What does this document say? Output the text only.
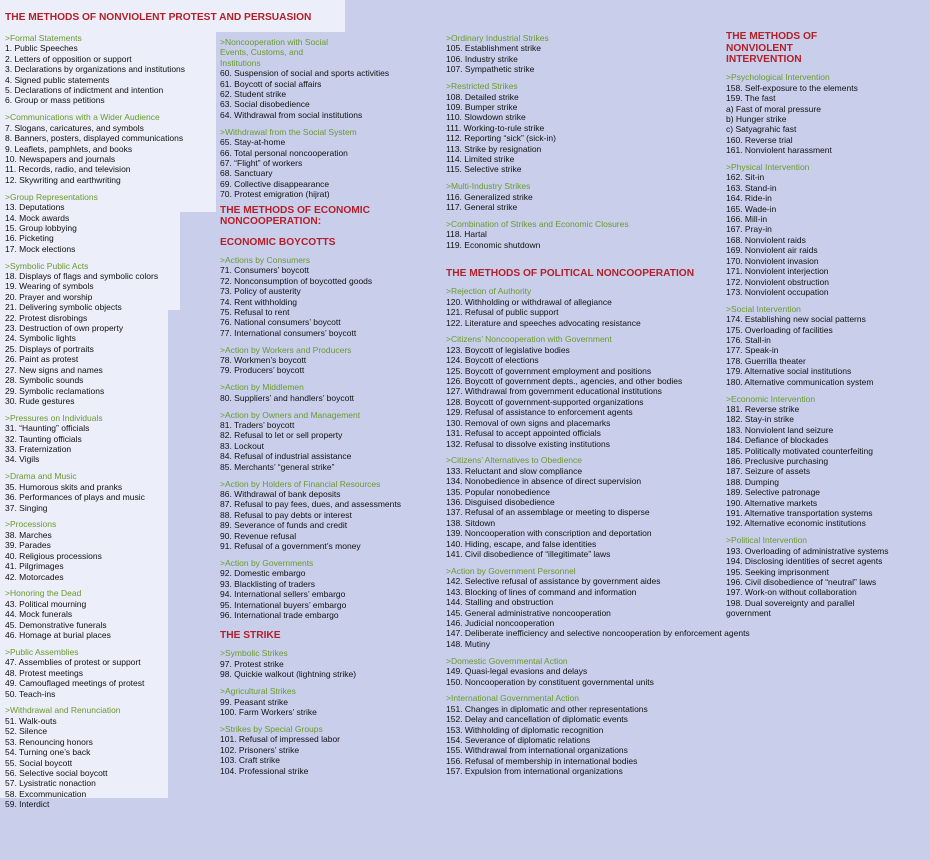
THE METHODS OF NONVIOLENT PROTEST AND PERSUASION
>Formal Statements
1. Public Speeches
2. Letters of opposition or support
3. Declarations by organizations and institutions
4. Signed public statements
5. Declarations of indictment and intention
6. Group or mass petitions
>Communications with a Wider Audience
7. Slogans, caricatures, and symbols
8. Banners, posters, displayed communications
9. Leaflets, pamphlets, and books
10. Newspapers and journals
11. Records, radio, and television
12. Skywriting and earthwriting
>Group Representations
13. Deputations
14. Mock awards
15. Group lobbying
16. Picketing
17. Mock elections
>Symbolic Public Acts
18. Displays of flags and symbolic colors
19. Wearing of symbols
20. Prayer and worship
21. Delivering symbolic objects
22. Protest disrobings
23. Destruction of own property
24. Symbolic lights
25. Displays of portraits
26. Paint as protest
27. New signs and names
28. Symbolic sounds
29. Symbolic reclamations
30. Rude gestures
>Pressures on Individuals
31. “Haunting” officials
32. Taunting officials
33. Fraternization
34. Vigils
>Drama and Music
35. Humorous skits and pranks
36. Performances of plays and music
37. Singing
>Processions
38. Marches
39. Parades
40. Religious processions
41. Pilgrimages
42. Motorcades
>Honoring the Dead
43. Political mourning
44. Mock funerals
45. Demonstrative funerals
46. Homage at burial places
>Public Assemblies
47. Assemblies of protest or support
48. Protest meetings
49. Camouflaged meetings of protest
50. Teach-ins
>Withdrawal and Renunciation
51. Walk-outs
52. Silence
53. Renouncing honors
54. Turning one’s back
55. Social boycott
56. Selective social boycott
57. Lysistratic nonaction
58. Excommunication
59. Interdict
>Noncooperation with Social Events, Customs, and Institutions
60. Suspension of social and sports activities
61. Boycott of social affairs
62. Student strike
63. Social disobedience
64. Withdrawal from social institutions
>Withdrawal from the Social System
65. Stay-at-home
66. Total personal noncooperation
67. “Flight” of workers
68. Sanctuary
69. Collective disappearance
70. Protest emigration (hijrat)
THE METHODS OF ECONOMIC NONCOOPERATION:
ECONOMIC BOYCOTTS
>Actions by Consumers
71. Consumers’ boycott
72. Nonconsumption of boycotted goods
73. Policy of austerity
74. Rent withholding
75. Refusal to rent
76. National consumers’ boycott
77. International consumers’ boycott
>Action by Workers and Producers
78. Workmen’s boycott
79. Producers’ boycott
>Action by Middlemen
80. Suppliers’ and handlers’ boycott
>Action by Owners and Management
81. Traders’ boycott
82. Refusal to let or sell property
83. Lockout
84. Refusal of industrial assistance
85. Merchants’ “general strike”
>Action by Holders of Financial Resources
86. Withdrawal of bank deposits
87. Refusal to pay fees, dues, and assessments
88. Refusal to pay debts or interest
89. Severance of funds and credit
90. Revenue refusal
91. Refusal of a government’s money
>Action by Governments
92. Domestic embargo
93. Blacklisting of traders
94. International sellers’ embargo
95. International buyers’ embargo
96. International trade embargo
THE STRIKE
>Symbolic Strikes
97. Protest strike
98. Quickie walkout (lightning strike)
>Agricultural Strikes
99. Peasant strike
100. Farm Workers’ strike
>Strikes by Special Groups
101. Refusal of impressed labor
102. Prisoners’ strike
103. Craft strike
104. Professional strike
>Ordinary Industrial Strikes
105. Establishment strike
106. Industry strike
107. Sympathetic strike
>Restricted Strikes
108. Detailed strike
109. Bumper strike
110. Slowdown strike
111. Working-to-rule strike
112. Reporting “sick” (sick-in)
113. Strike by resignation
114. Limited strike
115. Selective strike
>Multi-Industry Strikes
116. Generalized strike
117. General strike
>Combination of Strikes and Economic Closures
118. Hartal
119. Economic shutdown
THE METHODS OF POLITICAL NONCOOPERATION
>Rejection of Authority
120. Withholding or withdrawal of allegiance
121. Refusal of public support
122. Literature and speeches advocating resistance
>Citizens’ Noncooperation with Government
123. Boycott of legislative bodies
124. Boycott of elections
125. Boycott of government employment and positions
126. Boycott of government depts., agencies, and other bodies
127. Withdrawal from government educational institutions
128. Boycott of government-supported organizations
129. Refusal of assistance to enforcement agents
130. Removal of own signs and placemarks
131. Refusal to accept appointed officials
132. Refusal to dissolve existing institutions
>Citizens’ Alternatives to Obedience
133. Reluctant and slow compliance
134. Nonobedience in absence of direct supervision
135. Popular nonobedience
136. Disguised disobedience
137. Refusal of an assemblage or meeting to disperse
138. Sitdown
139. Noncooperation with conscription and deportation
140. Hiding, escape, and false identities
141. Civil disobedience of “illegitimate” laws
>Action by Government Personnel
142. Selective refusal of assistance by government aides
143. Blocking of lines of command and information
144. Stalling and obstruction
145. General administrative noncooperation
146. Judicial noncooperation
147. Deliberate inefficiency and selective noncooperation by enforcement agents
148. Mutiny
>Domestic Governmental Action
149. Quasi-legal evasions and delays
150. Noncooperation by constituent governmental units
>International Governmental Action
151. Changes in diplomatic and other representations
152. Delay and cancellation of diplomatic events
153. Withholding of diplomatic recognition
154. Severance of diplomatic relations
155. Withdrawal from international organizations
156. Refusal of membership in international bodies
157. Expulsion from international organizations
THE METHODS OF NONVIOLENT INTERVENTION
>Psychological Intervention
158. Self-exposure to the elements
159. The fast
a) Fast of moral pressure
b) Hunger strike
c) Satyagrahic fast
160. Reverse trial
161. Nonviolent harassment
>Physical Intervention
162. Sit-in
163. Stand-in
164. Ride-in
165. Wade-in
166. Mill-in
167. Pray-in
168. Nonviolent raids
169. Nonviolent air raids
170. Nonviolent invasion
171. Nonviolent interjection
172. Nonviolent obstruction
173. Nonviolent occupation
>Social Intervention
174. Establishing new social patterns
175. Overloading of facilities
176. Stall-in
177. Speak-in
178. Guerrilla theater
179. Alternative social institutions
180. Alternative communication system
>Economic Intervention
181. Reverse strike
182. Stay-in strike
183. Nonviolent land seizure
184. Defiance of blockades
185. Politically motivated counterfeiting
186. Preclusive purchasing
187. Seizure of assets
188. Dumping
189. Selective patronage
190. Alternative markets
191. Alternative transportation systems
192. Alternative economic institutions
>Political Intervention
193. Overloading of administrative systems
194. Disclosing identities of secret agents
195. Seeking imprisonment
196. Civil disobedience of “neutral” laws
197. Work-on without collaboration
198. Dual sovereignty and parallel government
